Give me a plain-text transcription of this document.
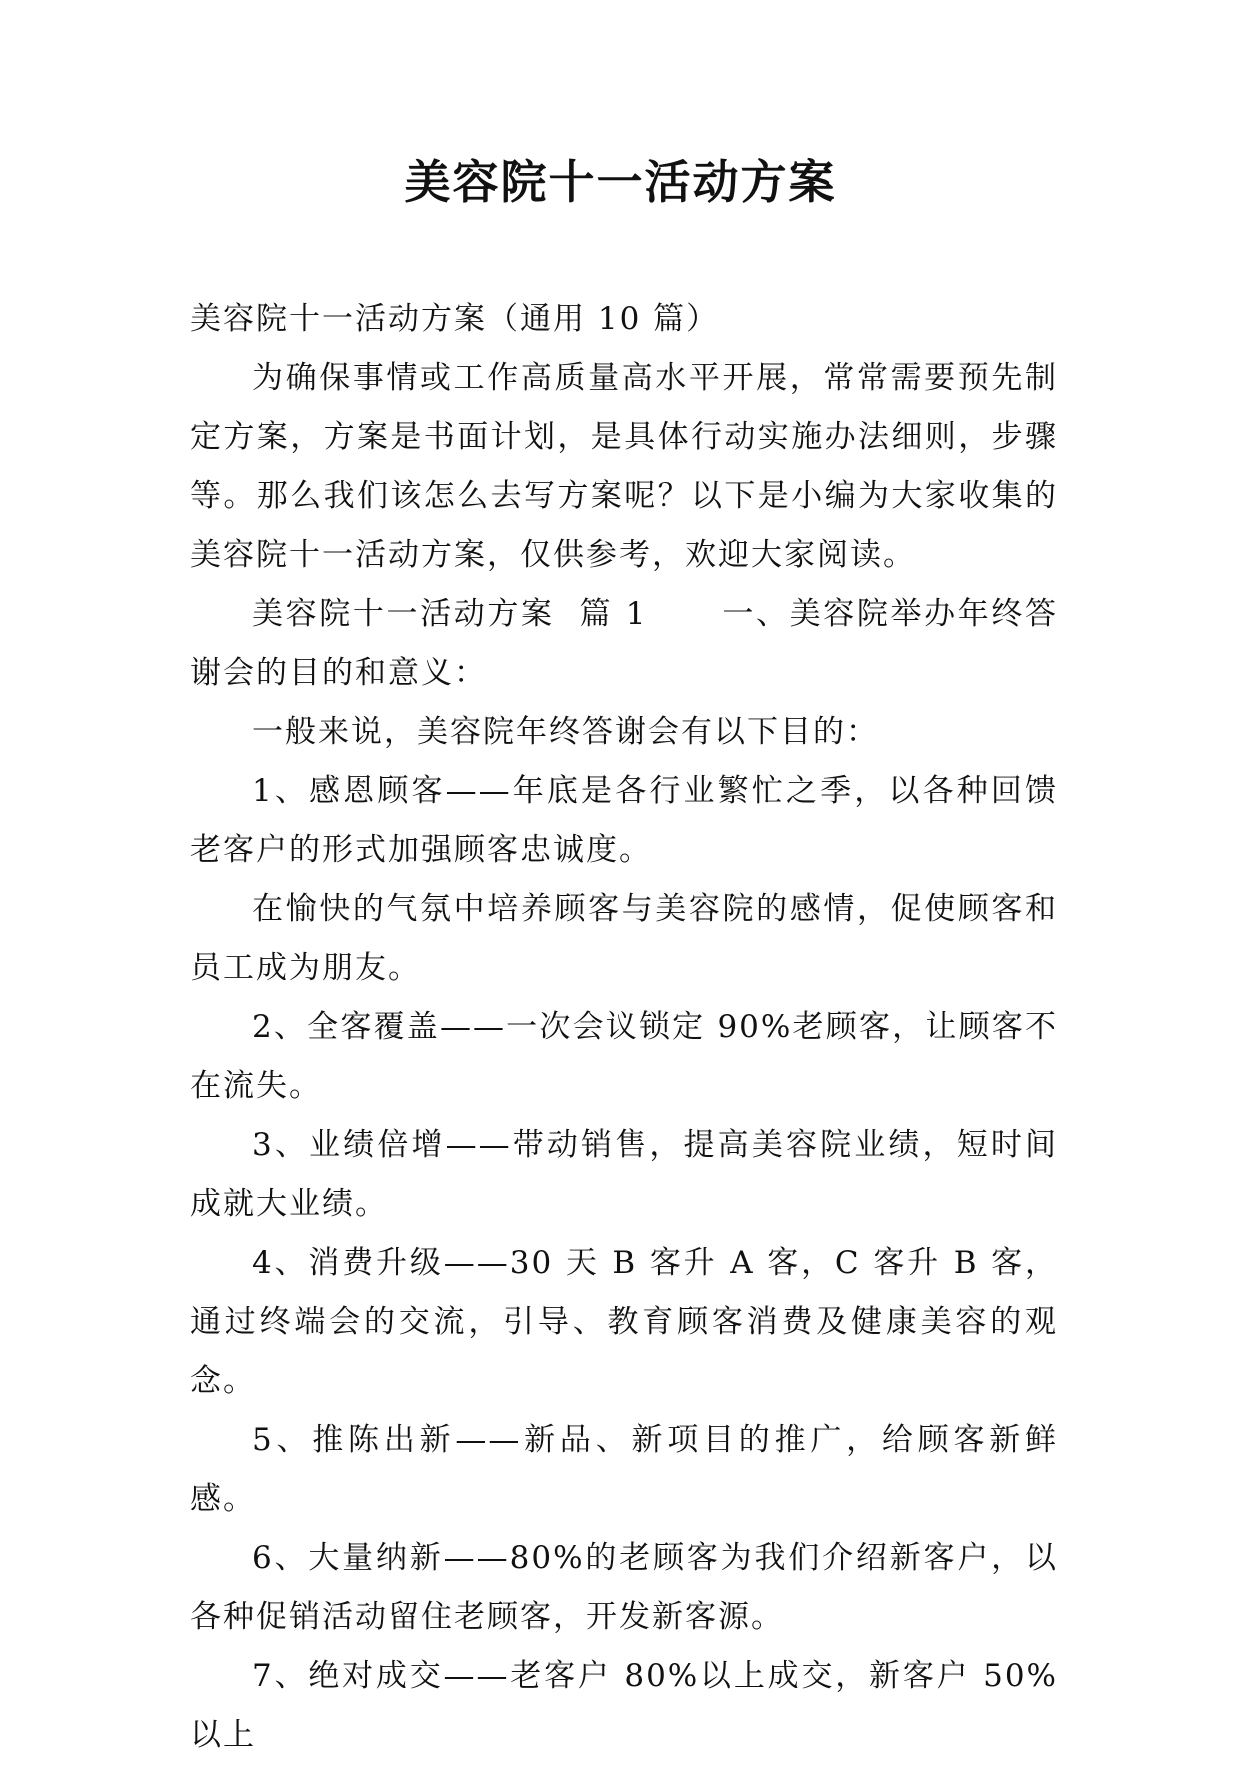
美容院十一活动方案

美容院十一活动方案（通用 10 篇）

为确保事情或工作高质量高水平开展，常常需要预先制定方案，方案是书面计划，是具体行动实施办法细则，步骤等。那么我们该怎么去写方案呢？以下是小编为大家收集的美容院十一活动方案，仅供参考，欢迎大家阅读。

美容院十一活动方案  篇 1      一、美容院举办年终答谢会的目的和意义：

一般来说，美容院年终答谢会有以下目的：

1、感恩顾客——年底是各行业繁忙之季，以各种回馈老客户的形式加强顾客忠诚度。

在愉快的气氛中培养顾客与美容院的感情，促使顾客和员工成为朋友。

2、全客覆盖——一次会议锁定 90%老顾客，让顾客不在流失。

3、业绩倍增——带动销售，提高美容院业绩，短时间成就大业绩。

4、消费升级——30 天 B 客升 A 客，C 客升 B 客，通过终端会的交流，引导、教育顾客消费及健康美容的观念。

5、推陈出新——新品、新项目的推广，给顾客新鲜感。

6、大量纳新——80%的老顾客为我们介绍新客户，以各种促销活动留住老顾客，开发新客源。

7、绝对成交——老客户 80%以上成交，新客户 50%以上
